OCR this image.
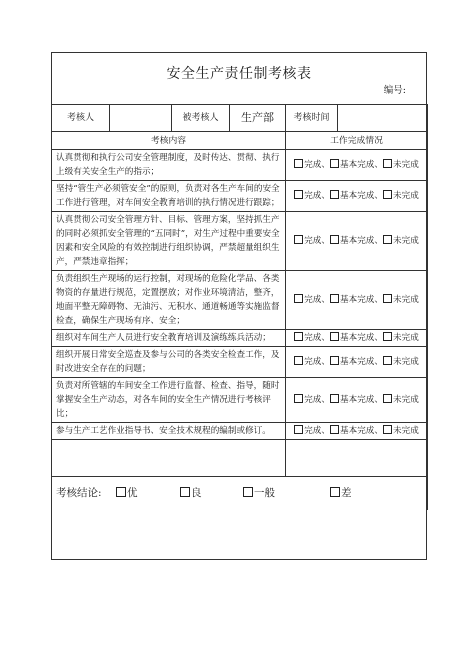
安全生产责任制考核表
编号:
考核人		被考核人	生产部	考核时间	
考核内容				工作完成情况	
认真贯彻和执行公司安全管理制度，及时传达、贯彻、执行上级有关安全生产的指示；				完成、 基本完成、 未完成	
坚持“管生产必须管安全”的原则，负责对各生产车间的安全工作进行管理，对车间安全教育培训的执行情况进行跟踪；				完成、 基本完成、 未完成	
认真贯彻公司安全管理方针、目标、管理方案，坚持抓生产的同时必须抓安全管理的“五同时”，对生产过程中重要安全因素和安全风险的有效控制进行组织协调，严禁超量组织生产，严禁违章指挥；				完成、 基本完成、 未完成	
负责组织生产现场的运行控制，对现场的危险化学品、各类物资的存量进行规范，定置摆放；对作业环境清洁，整齐，地面平整无障碍物、无油污、无积水、通道畅通等实施监督检查，确保生产现场有序、安全；				完成、 基本完成、 未完成	
组织对车间生产人员进行安全教育培训及演练练兵活动；				完成、 基本完成、 未完成	
组织开展日常安全巡查及参与公司的各类安全检查工作，及时改进安全存在的问题；				完成、 基本完成、 未完成	
负责对所管辖的车间安全工作进行监督、检查、指导，随时掌握安全生产动态，对各车间的安全生产情况进行考核评比；				完成、 基本完成、 未完成	
参与生产工艺作业指导书、安全技术规程的编制或修订。				完成、 基本完成、 未完成	

考核结论: 优 良 一般 差					
